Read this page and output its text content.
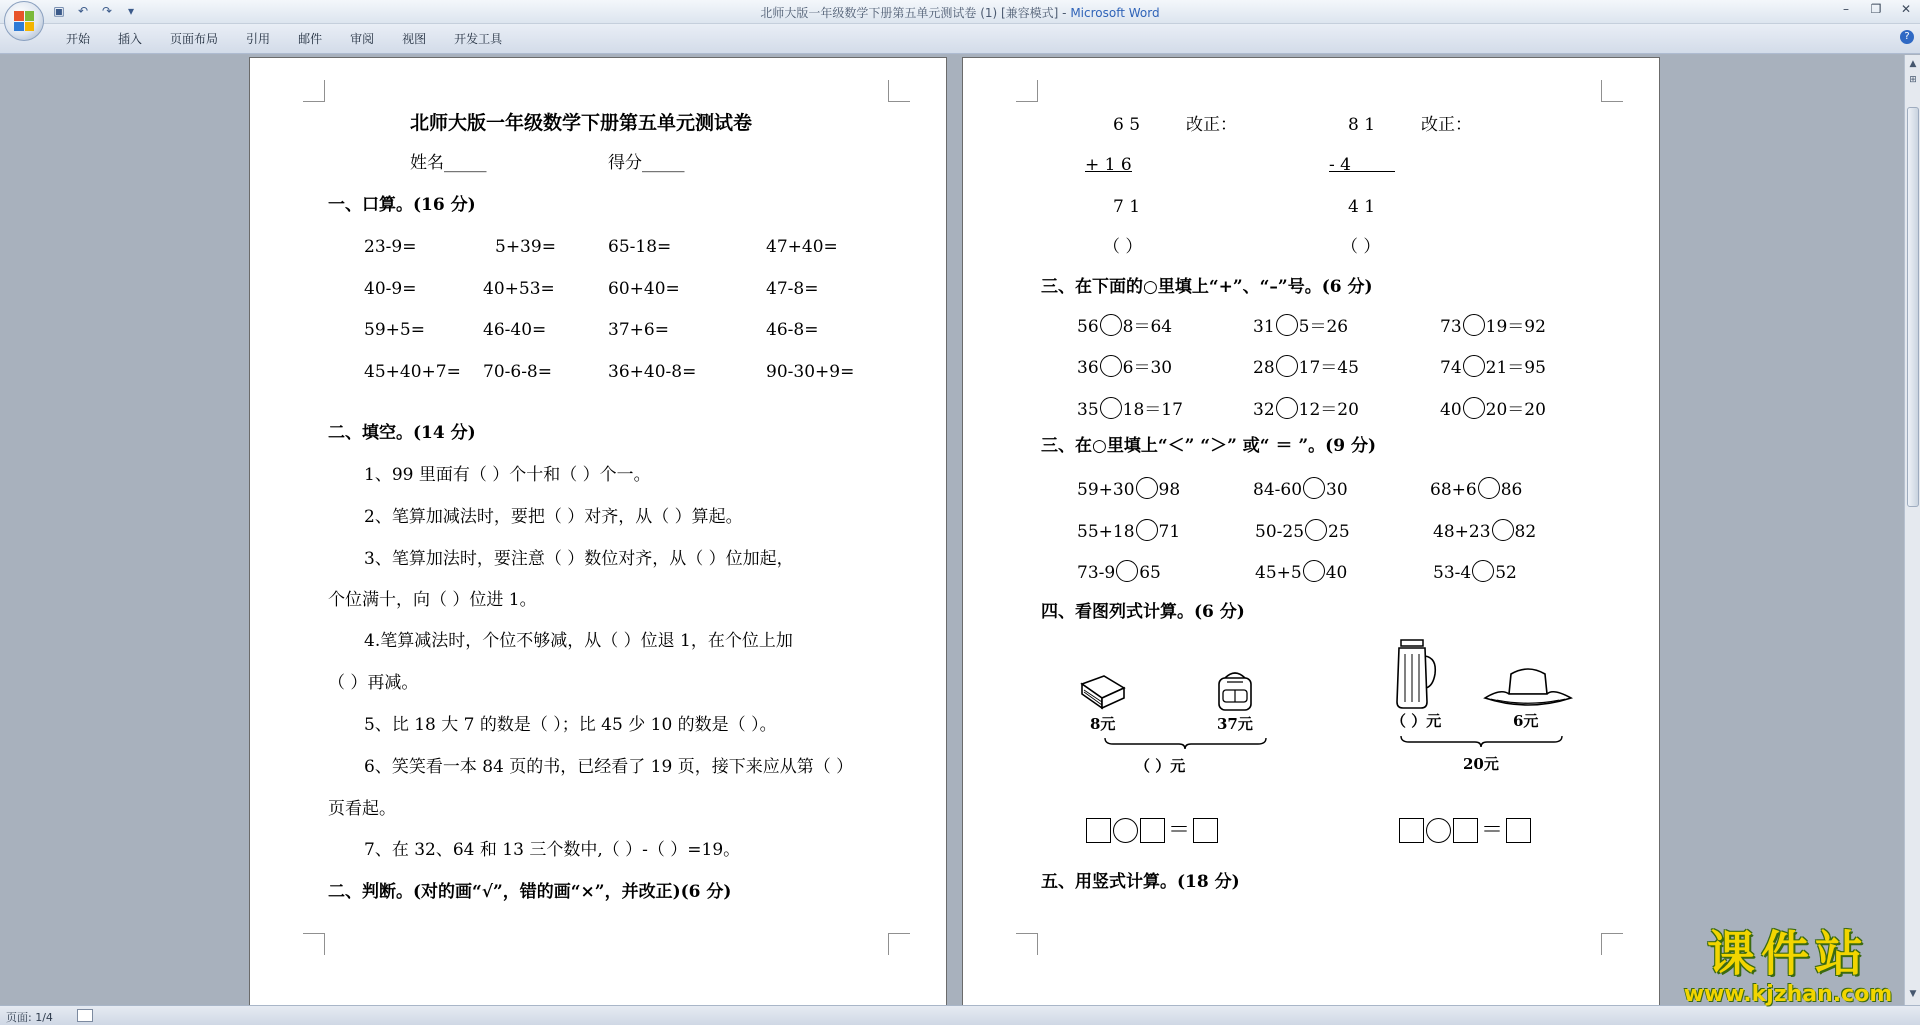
▣	↶	↷	▾	北师大版一年级数学下册第五单元测试卷 (1) [兼容模式] - Microsoft Word	–	❐ ✕
开始	插入	页面布局	引用	邮件	审阅	视图	开发工具	?
北师大版一年级数学下册第五单元测试卷
姓名_____	得分_____
一、口算。(16 分)
23-9=	5+39=	65-18=	47+40=
40-9=	40+53=	60+40=	47-8=
59+5=	46-40=	37+6=	46-8=
45+40+7= 70-6-8=	36+40-8=	90-30+9=
二、填空。(14 分)
1、99 里面有（ ）个十和（ ）个一。
2、笔算加减法时，要把（ ）对齐，从（ ）算起。
3、笔算加法时，要注意（ ）数位对齐，从（ ）位加起，
个位满十，向（ ）位进 1。
4.笔算减法时，个位不够减，从（ ）位退 1，在个位上加
（ ）再减。
5、比 18 大 7 的数是（ ）；比 45 少 10 的数是（ ）。
6、笑笑看一本 84 页的书，已经看了 19 页，接下来应从第（ ）
页看起。
7、在 32、64 和 13 三个数中,（ ）-（ ）=19。
二、判断。(对的画“√”，错的画“×”，并改正)(6 分)
6 5	改正：
+ 1 6
7 1
（ ）
8 1	改正：
- 4
4 1
（ ）
三、在下面的○里填上“+”、“–”号。(6 分)
56 8＝64	31 5＝26	73 19＝92
36 6＝30	28 17＝45	74 21＝95
35 18＝17	32 12＝20	40 20＝20
三、在○里填上“＜” “＞” 或“ ＝ ”。(9 分)
59+30 98	84-60 30	68+6 86
55+18 71	50-25 25	48+23 82
73-9 65	45+5 40	53-4 52
四、看图列式计算。(6 分)
8元	37元
（ ）元
（ ）元	6元
20元
＝	＝
五、用竖式计算。(18 分)
▲
⊞
▼
页面: 1/4
课件站
www.kjzhan.com
